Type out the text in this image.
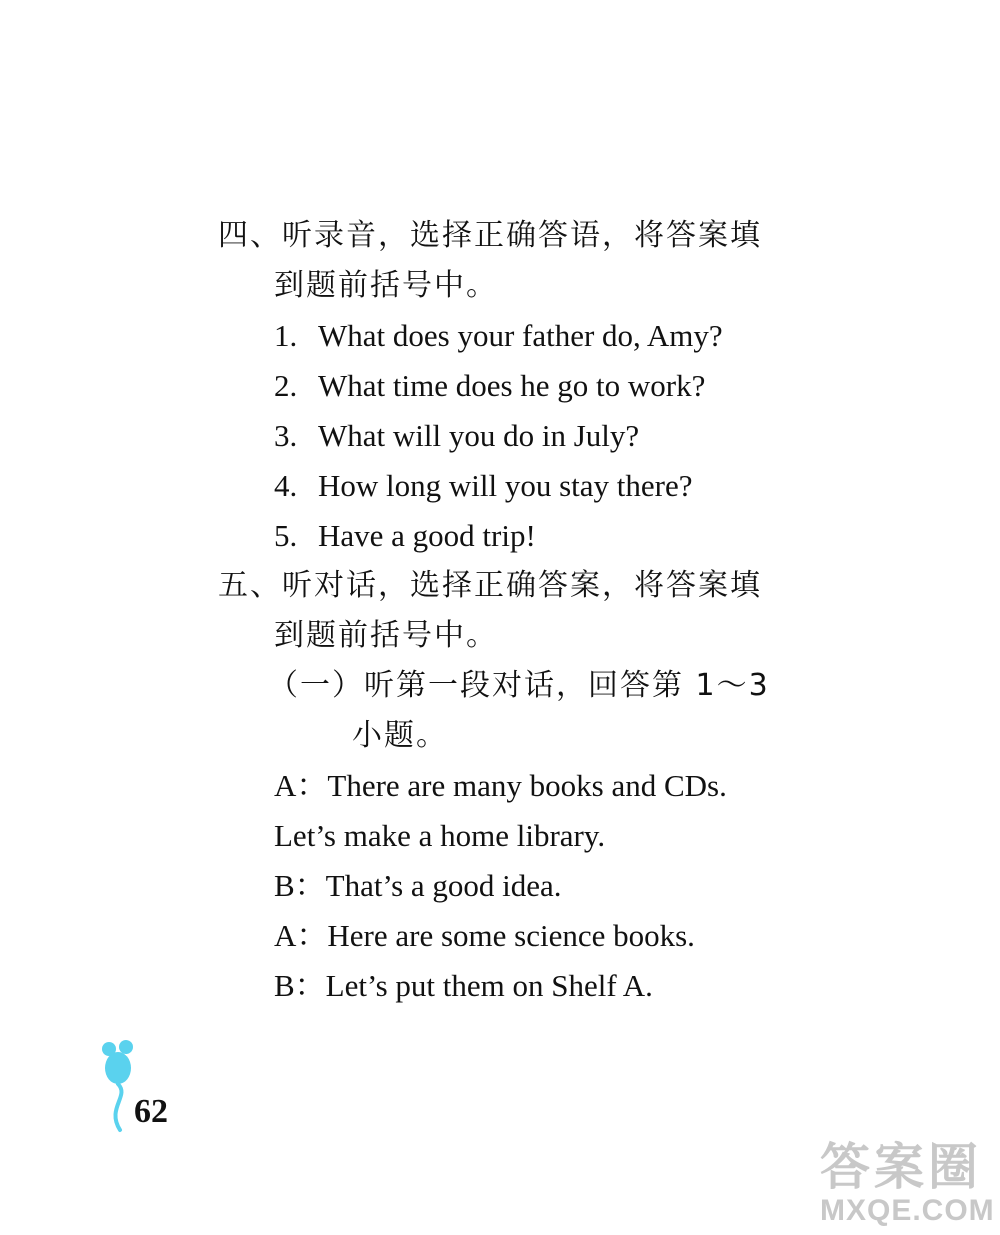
四、听录音，选择正确答语，将答案填
到题前括号中。
1. What does your father do, Amy?
2. What time does he go to work?
3. What will you do in July?
4. How long will you stay there?
5. Have a good trip!
五、听对话，选择正确答案，将答案填
到题前括号中。
（一）听第一段对话，回答第 1～3
小题。
A：There are many books and CDs.
Let’s make a home library.
B：That’s a good idea.
A：Here are some science books.
B：Let’s put them on Shelf A.
62
答案圈
MXQE.COM
